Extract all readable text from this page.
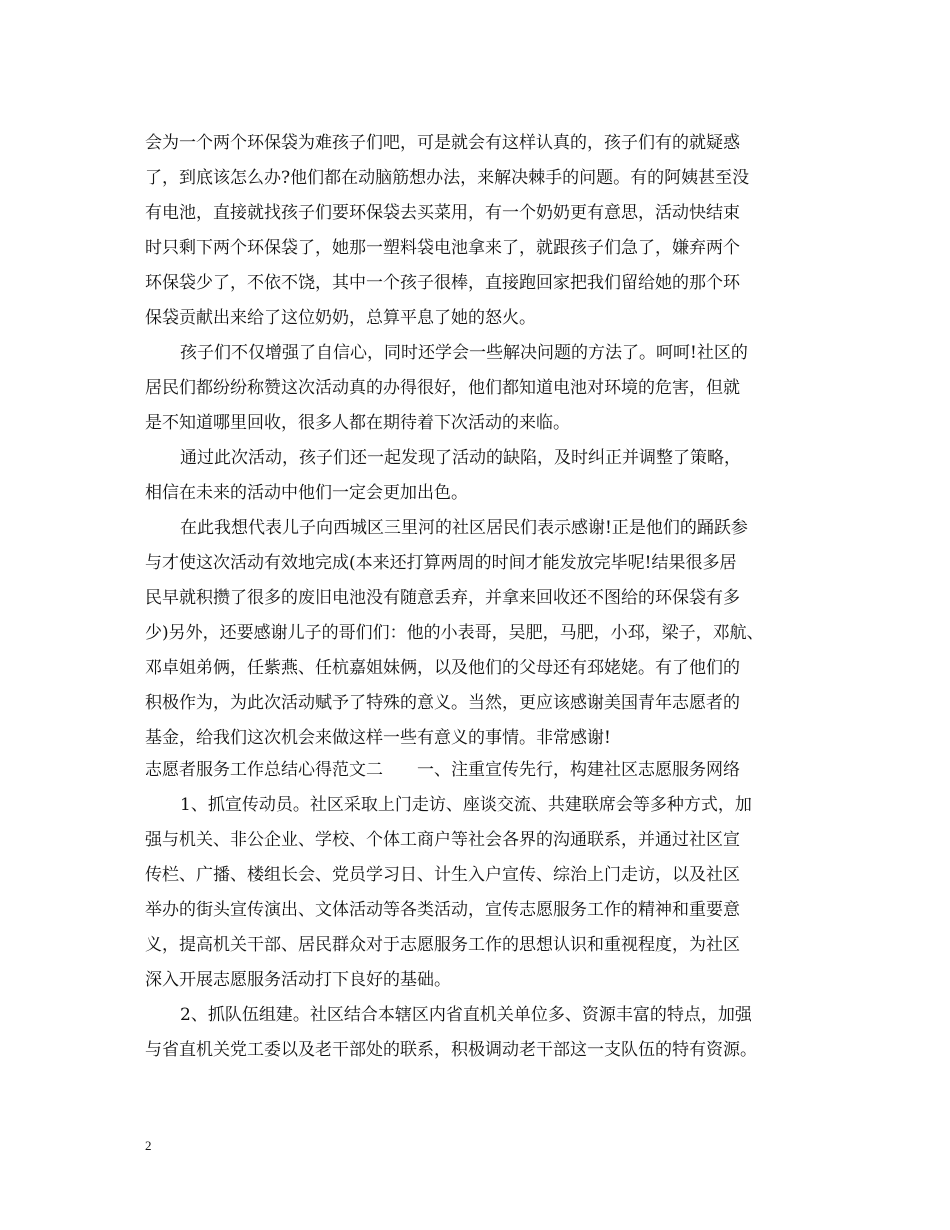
会为一个两个环保袋为难孩子们吧，可是就会有这样认真的，孩子们有的就疑惑
了，到底该怎么办?他们都在动脑筋想办法，来解决棘手的问题。有的阿姨甚至没
有电池，直接就找孩子们要环保袋去买菜用，有一个奶奶更有意思，活动快结束
时只剩下两个环保袋了，她那一塑料袋电池拿来了，就跟孩子们急了，嫌弃两个
环保袋少了，不依不饶，其中一个孩子很棒，直接跑回家把我们留给她的那个环
保袋贡献出来给了这位奶奶，总算平息了她的怒火。
孩子们不仅增强了自信心，同时还学会一些解决问题的方法了。呵呵!社区的
居民们都纷纷称赞这次活动真的办得很好，他们都知道电池对环境的危害，但就
是不知道哪里回收，很多人都在期待着下次活动的来临。
通过此次活动，孩子们还一起发现了活动的缺陷，及时纠正并调整了策略，
相信在未来的活动中他们一定会更加出色。
在此我想代表儿子向西城区三里河的社区居民们表示感谢!正是他们的踊跃参
与才使这次活动有效地完成(本来还打算两周的时间才能发放完毕呢!结果很多居
民早就积攒了很多的废旧电池没有随意丢弃，并拿来回收还不图给的环保袋有多
少)另外，还要感谢儿子的哥们们：他的小表哥，吴肥，马肥，小邳，梁子，邓航、
邓卓姐弟俩，任紫燕、任杭嘉姐妹俩，以及他们的父母还有邳姥姥。有了他们的
积极作为，为此次活动赋予了特殊的意义。当然，更应该感谢美国青年志愿者的
基金，给我们这次机会来做这样一些有意义的事情。非常感谢!
志愿者服务工作总结心得范文二　　一、注重宣传先行，构建社区志愿服务网络
1、抓宣传动员。社区采取上门走访、座谈交流、共建联席会等多种方式，加
强与机关、非公企业、学校、个体工商户等社会各界的沟通联系，并通过社区宣
传栏、广播、楼组长会、党员学习日、计生入户宣传、综治上门走访，以及社区
举办的街头宣传演出、文体活动等各类活动，宣传志愿服务工作的精神和重要意
义，提高机关干部、居民群众对于志愿服务工作的思想认识和重视程度，为社区
深入开展志愿服务活动打下良好的基础。
2、抓队伍组建。社区结合本辖区内省直机关单位多、资源丰富的特点，加强
与省直机关党工委以及老干部处的联系，积极调动老干部这一支队伍的特有资源。
2
